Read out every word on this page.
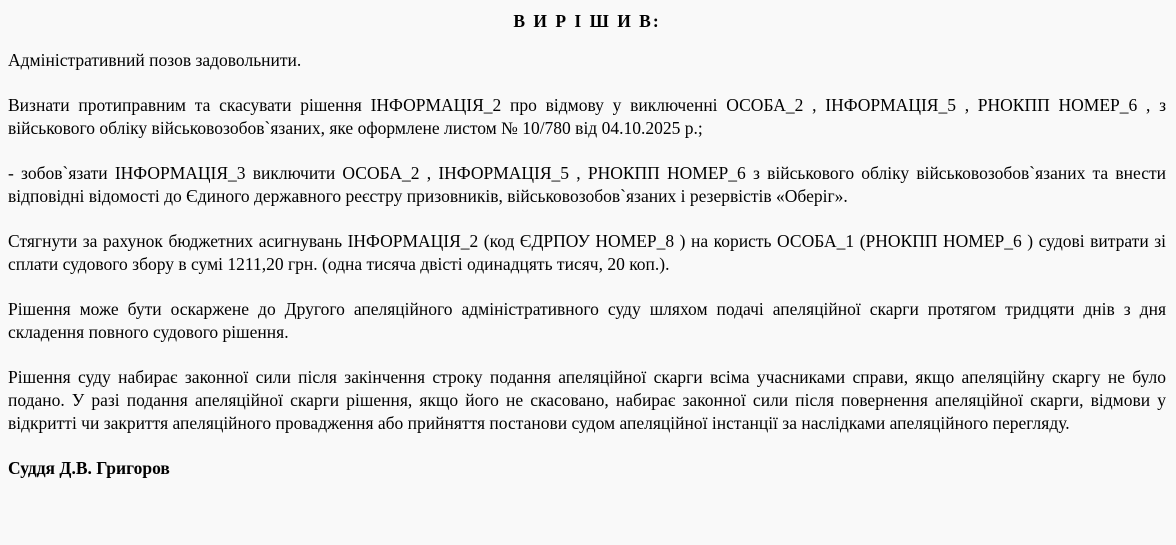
В И Р І Ш И В:

Адміністративний позов задовольнити.

Визнати протиправним та скасувати рішення ІНФОРМАЦІЯ_2 про відмову у виключенні ОСОБА_2 , ІНФОРМАЦІЯ_5 , РНОКПП НОМЕР_6 , з військового обліку військовозобов`язаних, яке оформлене листом № 10/780 від 04.10.2025 р.;

- зобов`язати ІНФОРМАЦІЯ_3 виключити ОСОБА_2 , ІНФОРМАЦІЯ_5 , РНОКПП НОМЕР_6 з військового обліку військовозобов`язаних та внести відповідні відомості до Єдиного державного реєстру призовників, військовозобов`язаних і резервістів «Оберіг».

Стягнути за рахунок бюджетних асигнувань ІНФОРМАЦІЯ_2 (код ЄДРПОУ НОМЕР_8 ) на користь ОСОБА_1 (РНОКПП НОМЕР_6 ) судові витрати зі сплати судового збору в сумі 1211,20 грн. (одна тисяча двісті одинадцять тисяч, 20 коп.).

Рішення може бути оскаржене до Другого апеляційного адміністративного суду шляхом подачі апеляційної скарги протягом тридцяти днів з дня складення повного судового рішення.

Рішення суду набирає законної сили після закінчення строку подання апеляційної скарги всіма учасниками справи, якщо апеляційну скаргу не було подано. У разі подання апеляційної скарги рішення, якщо його не скасовано, набирає законної сили після повернення апеляційної скарги, відмови у відкритті чи закриття апеляційного провадження або прийняття постанови судом апеляційної інстанції за наслідками апеляційного перегляду.

Суддя Д.В. Григоров
